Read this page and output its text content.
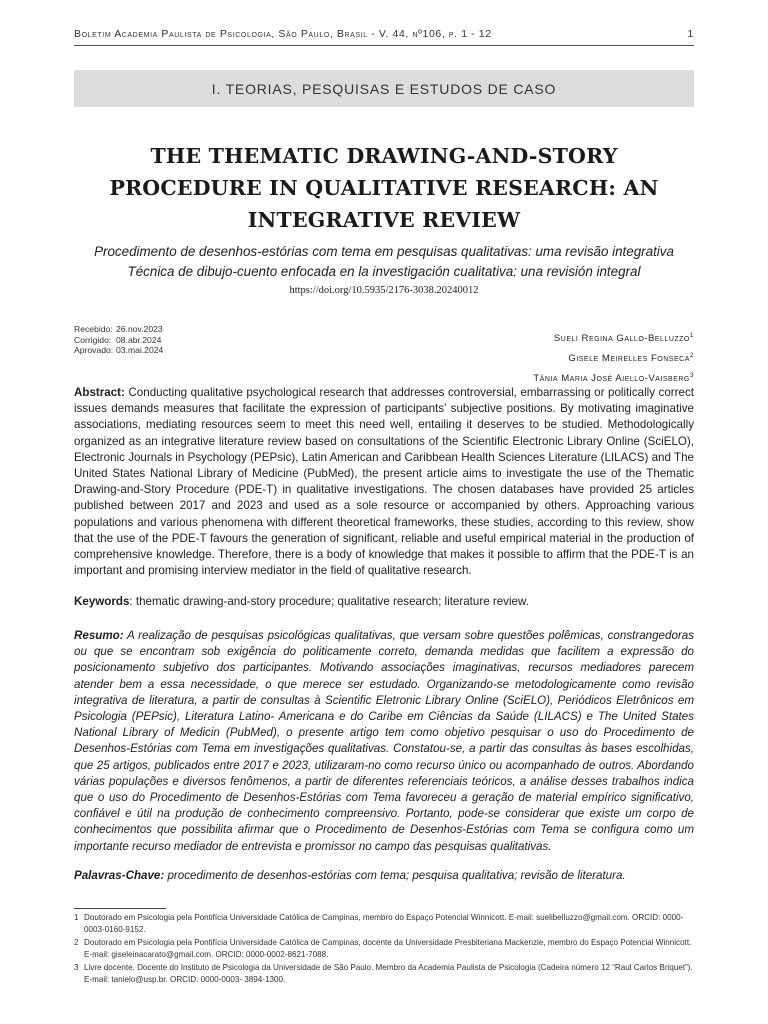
Boletim Academia Paulista de Psicologia, São Paulo, Brasil - V. 44, nº106, p. 1 - 12	1
I. TEORIAS, PESQUISAS E ESTUDOS DE CASO
THE THEMATIC DRAWING-AND-STORY PROCEDURE IN QUALITATIVE RESEARCH: AN INTEGRATIVE REVIEW
Procedimento de desenhos-estórias com tema em pesquisas qualitativas: uma revisão integrativa
Técnica de dibujo-cuento enfocada en la investigación cualitativa: una revisión integral
https://doi.org/10.5935/2176-3038.20240012
Recebido: 26.nov.2023
Corrigido: 08.abr.2024
Aprovado: 03.mai.2024
Sueli Regina Gallo-Belluzzo$^1$
Gisele Meirelles Fonseca$^2$
Tânia Maria José Aiello-Vaisberg$^3$

Abstract: Conducting qualitative psychological research that addresses controversial, embarrassing or politically correct issues demands measures that facilitate the expression of participants’ subjective positions. By motivating imaginative associations, mediating resources seem to meet this need well, entailing it deserves to be studied. Methodologically organized as an integrative literature review based on consultations of the Scientific Electronic Library Online (SciELO), Electronic Journals in Psychology (PEPsic), Latin American and Caribbean Health Sciences Literature (LILACS) and The United States National Library of Medicine (PubMed), the present article aims to investigate the use of the Thematic Drawing-and-Story Procedure (PDE-T) in qualitative investigations. The chosen databases have provided 25 articles published between 2017 and 2023 and used as a sole resource or accompanied by others. Approaching various populations and various phenomena with different theoretical frameworks, these studies, according to this review, show that the use of the PDE-T favours the generation of significant, reliable and useful empirical material in the production of comprehensive knowledge. Therefore, there is a body of knowledge that makes it possible to affirm that the PDE-T is an important and promising interview mediator in the field of qualitative research.

Keywords: thematic drawing-and-story procedure; qualitative research; literature review.

Resumo: A realização de pesquisas psicológicas qualitativas, que versam sobre questões polêmicas, constrangedoras ou que se encontram sob exigência do politicamente correto, demanda medidas que facilitem a expressão do posicionamento subjetivo dos participantes. Motivando associações imaginativas, recursos mediadores parecem atender bem a essa necessidade, o que merece ser estudado. Organizando-se metodologicamente como revisão integrativa de literatura, a partir de consultas à Scientific Eletronic Library Online (SciELO), Periódicos Eletrônicos em Psicologia (PEPsic), Literatura Latino- Americana e do Caribe em Ciências da Saúde (LILACS) e The United States National Library of Medicin (PubMed), o presente artigo tem como objetivo pesquisar o uso do Procedimento de Desenhos-Estórias com Tema em investigações qualitativas. Constatou-se, a partir das consultas às bases escolhidas, que 25 artigos, publicados entre 2017 e 2023, utilizaram-no como recurso único ou acompanhado de outros. Abordando várias populações e diversos fenômenos, a partir de diferentes referenciais teóricos, a análise desses trabalhos indica que o uso do Procedimento de Desenhos-Estórias com Tema favoreceu a geração de material empírico significativo, confiável e útil na produção de conhecimento compreensivo. Portanto, pode-se considerar que existe um corpo de conhecimentos que possibilita afirmar que o Procedimento de Desenhos-Estórias com Tema se configura como um importante recurso mediador de entrevista e promissor no campo das pesquisas qualitativas.

Palavras-Chave: procedimento de desenhos-estórias com tema; pesquisa qualitativa; revisão de literatura.

1 Doutorado em Psicologia pela Pontifícia Universidade Católica de Campinas, membro do Espaço Potencial Winnicott. E-mail: suelibelluzzo@gmail.com. ORCID: 0000-0003-0160-9152.
2 Doutorado em Psicologia pela Pontifícia Universidade Católica de Campinas, docente da Universidade Presbiteriana Mackenzie, membro do Espaço Potencial Winnicott. E-mail: giseleinacarato@gmail.com. ORCID: 0000-0002-8621-7088.
3 Livre docente. Docente do Instituto de Psicologia da Universidade de São Paulo. Membro da Academia Paulista de Psicologia (Cadeira número 12 “Raul Carlos Briquet”). E-mail: tanielo@usp.br. ORCID: 0000-0003- 3894-1300.
